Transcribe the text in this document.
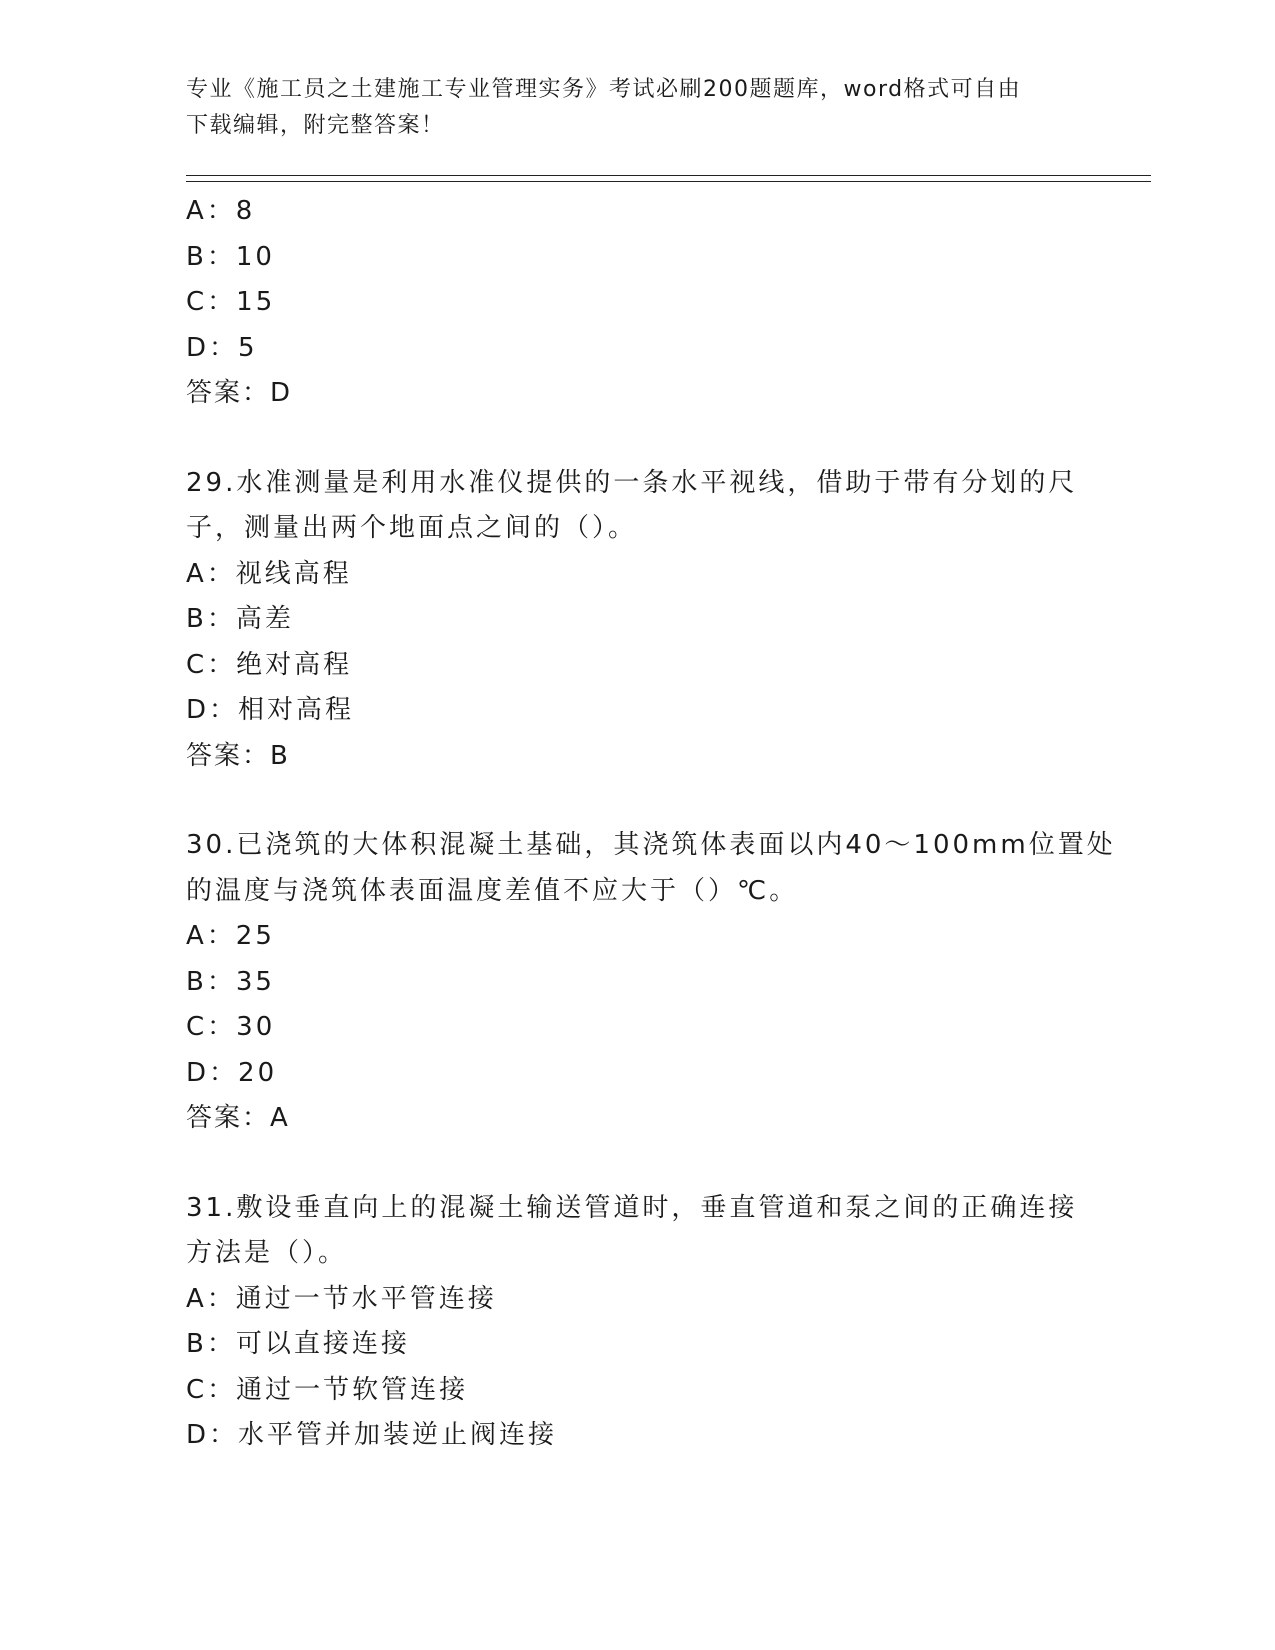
专业《施工员之土建施工专业管理实务》考试必刷200题题库，word格式可自由
下载编辑，附完整答案！
A：8
B：10
C：15
D：5
答案：D
29.水准测量是利用水准仪提供的一条水平视线，借助于带有分划的尺
子，测量出两个地面点之间的（）。
A：视线高程
B：高差
C：绝对高程
D：相对高程
答案：B
30.已浇筑的大体积混凝土基础，其浇筑体表面以内40～100mm位置处
的温度与浇筑体表面温度差值不应大于（）℃。
A：25
B：35
C：30
D：20
答案：A
31.敷设垂直向上的混凝土输送管道时，垂直管道和泵之间的正确连接
方法是（）。
A：通过一节水平管连接
B：可以直接连接
C：通过一节软管连接
D：水平管并加装逆止阀连接
